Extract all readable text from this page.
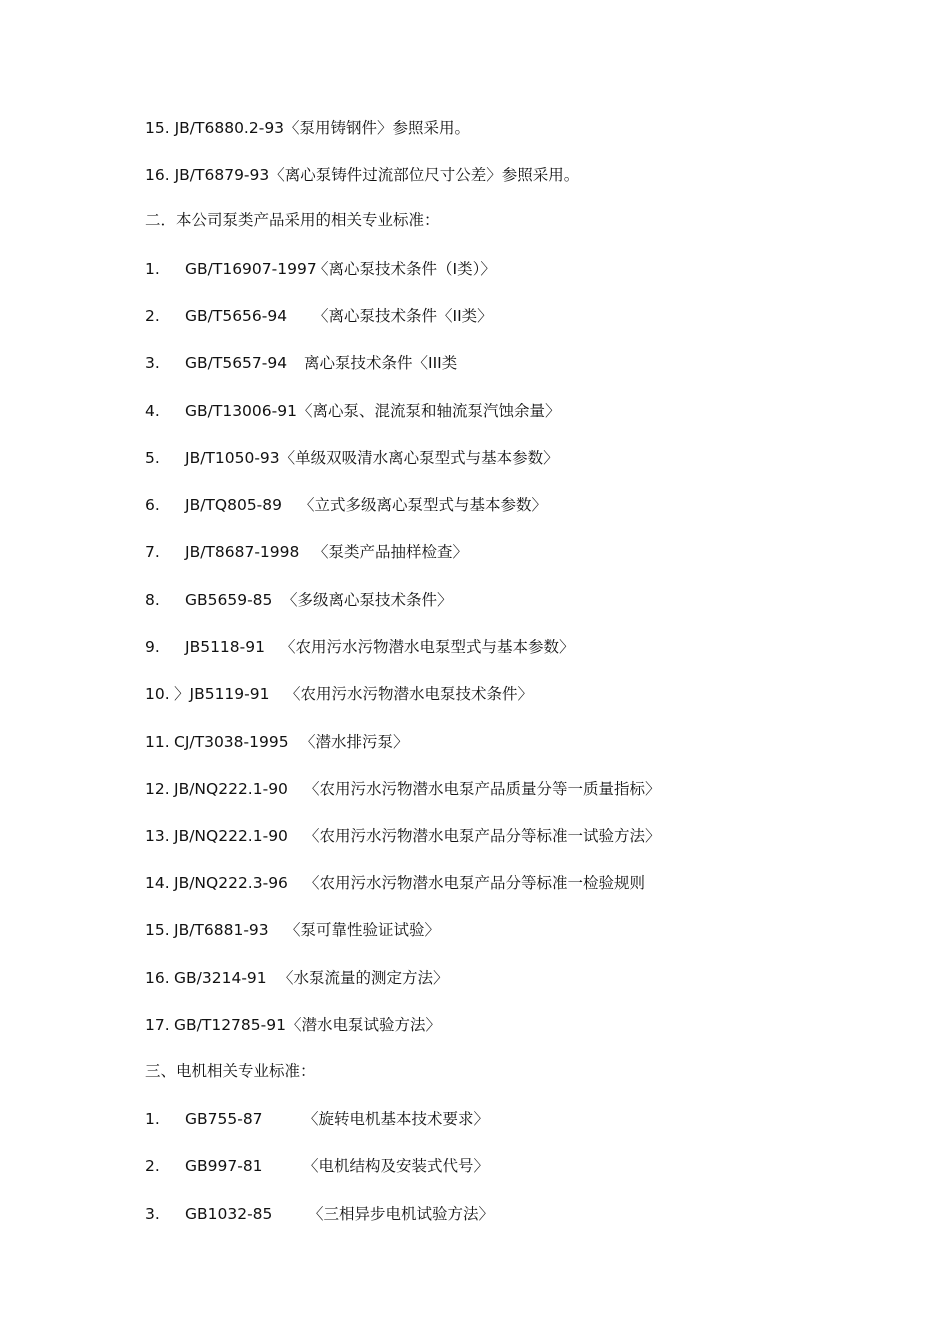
15. JB/T6880.2-93〈泵用铸钢件〉参照采用。
16. JB/T6879-93〈离心泵铸件过流部位尺寸公差〉参照采用。
二．本公司泵类产品采用的相关专业标准：
1. GB/T16907-1997〈离心泵技术条件（I类）〉
2. GB/T5656-94 〈离心泵技术条件〈II类〉
3. GB/T5657-94 离心泵技术条件〈III类
4. GB/T13006-91〈离心泵、混流泵和轴流泵汽蚀余量〉
5. JB/T1050-93〈单级双吸清水离心泵型式与基本参数〉
6. JB/TQ805-89 〈立式多级离心泵型式与基本参数〉
7. JB/T8687-1998 〈泵类产品抽样检查〉
8. GB5659-85 〈多级离心泵技术条件〉
9. JB5118-91 〈农用污水污物潜水电泵型式与基本参数〉
10. 〉JB5119-91 〈农用污水污物潜水电泵技术条件〉
11. CJ/T3038-1995 〈潜水排污泵〉
12. JB/NQ222.1-90 〈农用污水污物潜水电泵产品质量分等一质量指标〉
13. JB/NQ222.1-90 〈农用污水污物潜水电泵产品分等标准一试验方法〉
14. JB/NQ222.3-96 〈农用污水污物潜水电泵产品分等标准一检验规则
15. JB/T6881-93 〈泵可靠性验证试验〉
16. GB/3214-91 〈水泵流量的测定方法〉
17. GB/T12785-91〈潜水电泵试验方法〉
三、电机相关专业标准：
1. GB755-87	〈旋转电机基本技术要求〉
2. GB997-81	〈电机结构及安装式代号〉
3. GB1032-85 〈三相异步电机试验方法〉
